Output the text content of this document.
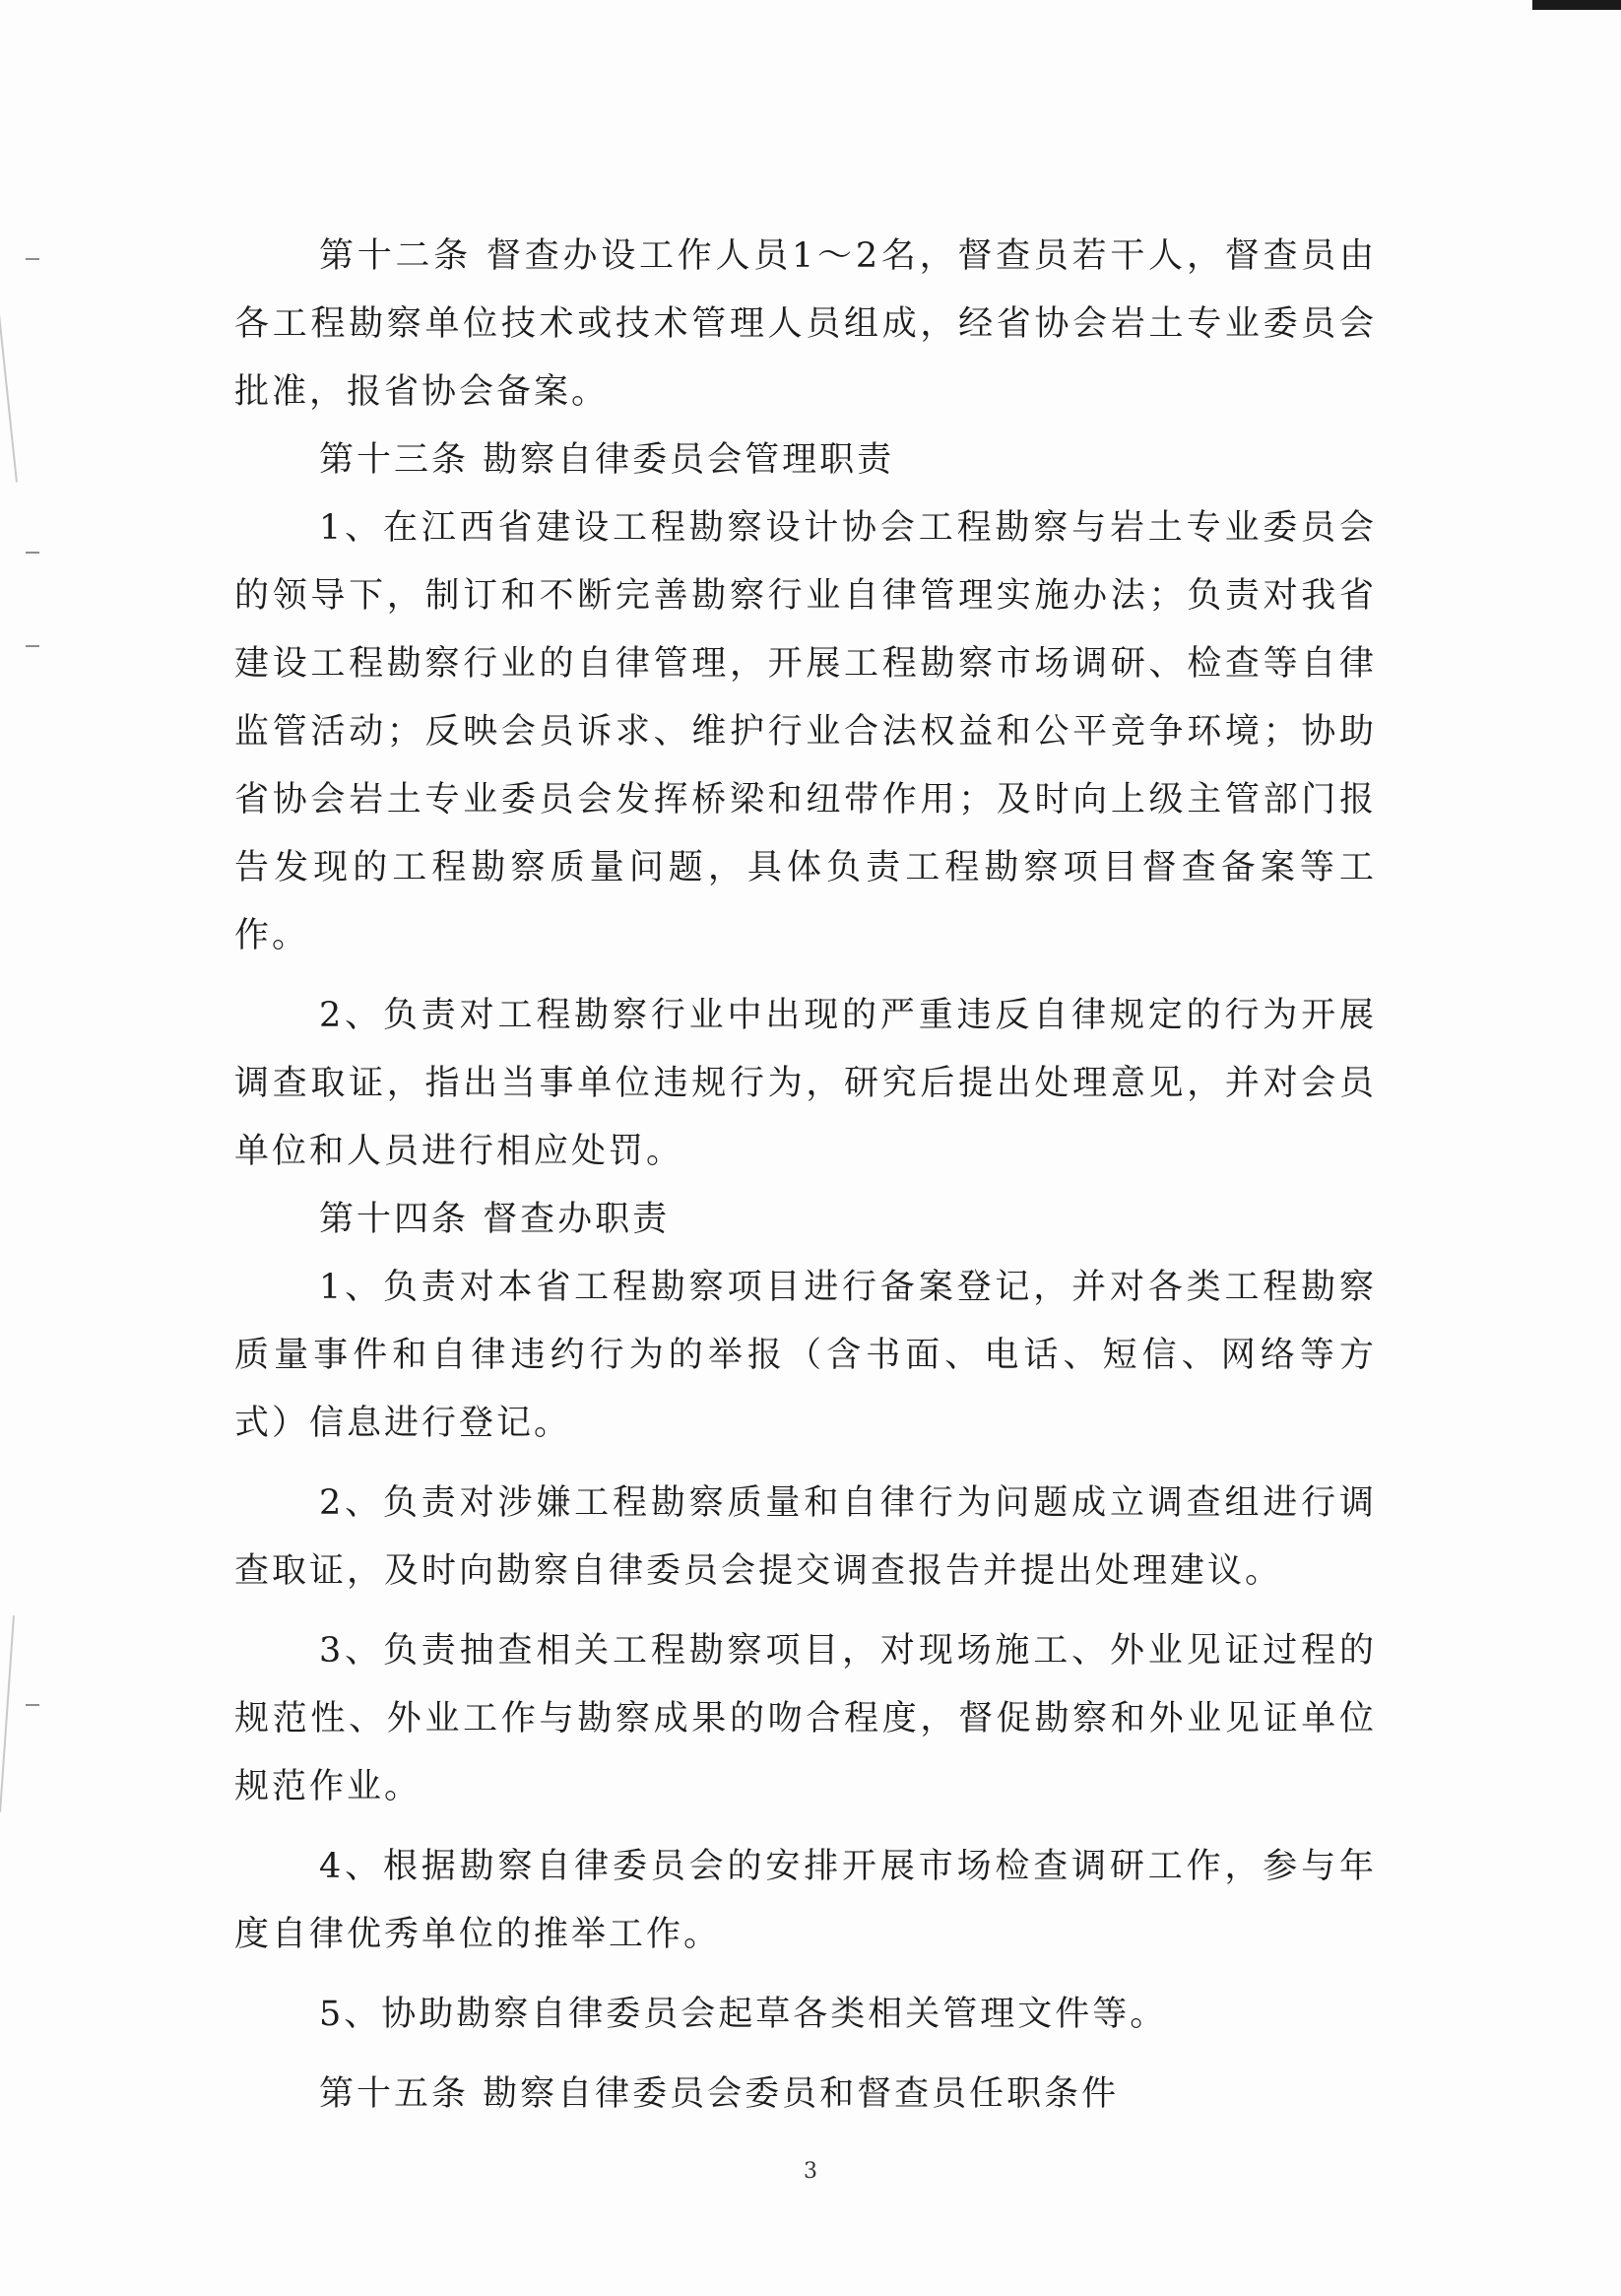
第十二条 督查办设工作人员1～2名，督查员若干人，督查员由各工程勘察单位技术或技术管理人员组成，经省协会岩土专业委员会批准，报省协会备案。

第十三条 勘察自律委员会管理职责

1、在江西省建设工程勘察设计协会工程勘察与岩土专业委员会的领导下，制订和不断完善勘察行业自律管理实施办法；负责对我省建设工程勘察行业的自律管理，开展工程勘察市场调研、检查等自律监管活动；反映会员诉求、维护行业合法权益和公平竞争环境；协助省协会岩土专业委员会发挥桥梁和纽带作用；及时向上级主管部门报告发现的工程勘察质量问题，具体负责工程勘察项目督查备案等工作。

2、负责对工程勘察行业中出现的严重违反自律规定的行为开展调查取证，指出当事单位违规行为，研究后提出处理意见，并对会员单位和人员进行相应处罚。

第十四条 督查办职责

1、负责对本省工程勘察项目进行备案登记，并对各类工程勘察质量事件和自律违约行为的举报（含书面、电话、短信、网络等方式）信息进行登记。

2、负责对涉嫌工程勘察质量和自律行为问题成立调查组进行调查取证，及时向勘察自律委员会提交调查报告并提出处理建议。

3、负责抽查相关工程勘察项目，对现场施工、外业见证过程的规范性、外业工作与勘察成果的吻合程度，督促勘察和外业见证单位规范作业。

4、根据勘察自律委员会的安排开展市场检查调研工作，参与年度自律优秀单位的推举工作。

5、协助勘察自律委员会起草各类相关管理文件等。

第十五条 勘察自律委员会委员和督查员任职条件

3
